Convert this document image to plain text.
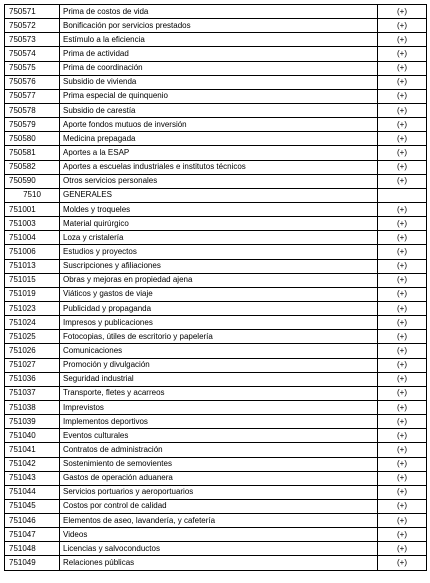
750571	Prima de costos de vida	(+)
750572	Bonificación por servicios prestados	(+)
750573	Estímulo a la eficiencia	(+)
750574	Prima de actividad	(+)
750575	Prima de coordinación	(+)
750576	Subsidio de vivienda	(+)
750577	Prima especial de quinquenio	(+)
750578	Subsidio de carestía	(+)
750579	Aporte fondos mutuos de inversión	(+)
750580	Medicina prepagada	(+)
750581	Aportes a la ESAP	(+)
750582	Aportes a escuelas industriales e institutos técnicos	(+)
750590	Otros servicios personales	(+)
7510	GENERALES	
751001	Moldes y troqueles	(+)
751003	Material quirúrgico	(+)
751004	Loza y cristalería	(+)
751006	Estudios y proyectos	(+)
751013	Suscripciones y afiliaciones	(+)
751015	Obras y mejoras en propiedad ajena	(+)
751019	Viáticos y gastos de viaje	(+)
751023	Publicidad y propaganda	(+)
751024	Impresos y publicaciones	(+)
751025	Fotocopias, útiles de escritorio y papelería	(+)
751026	Comunicaciones	(+)
751027	Promoción y divulgación	(+)
751036	Seguridad industrial	(+)
751037	Transporte, fletes y acarreos	(+)
751038	Imprevistos	(+)
751039	Implementos deportivos	(+)
751040	Eventos culturales	(+)
751041	Contratos de administración	(+)
751042	Sostenimiento de semovientes	(+)
751043	Gastos de operación aduanera	(+)
751044	Servicios portuarios y aeroportuarios	(+)
751045	Costos por control de calidad	(+)
751046	Elementos de aseo, lavandería, y cafetería	(+)
751047	Videos	(+)
751048	Licencias y salvoconductos	(+)
751049	Relaciones públicas	(+)
